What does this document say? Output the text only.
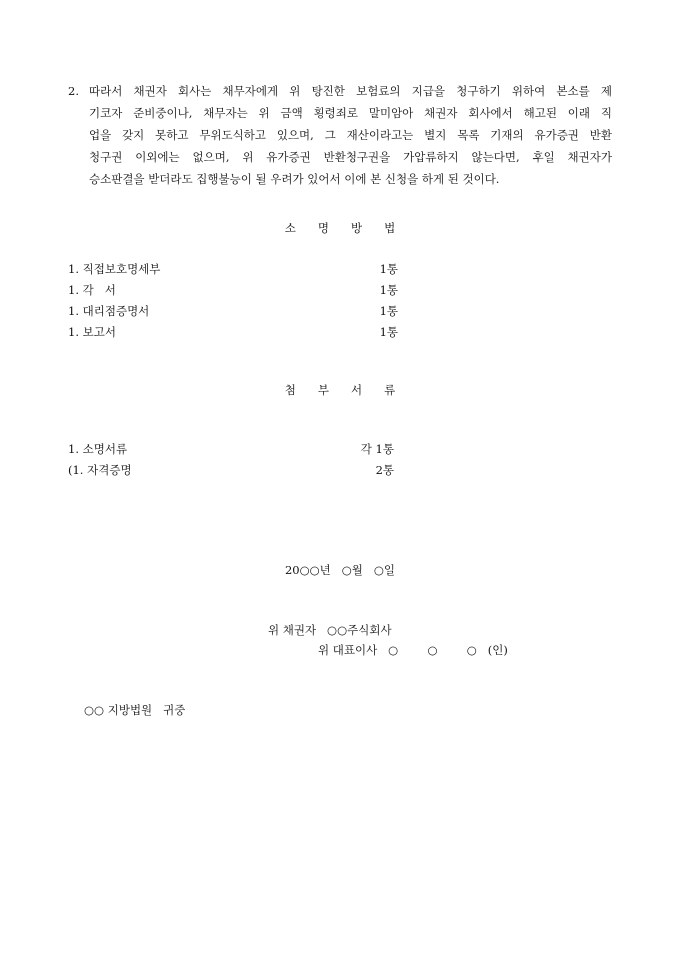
2. 따라서 채권자 회사는 채무자에게 위 탕진한 보험료의 지급을 청구하기 위하여 본소를 제
기코자 준비중이나, 채무자는 위 금액 횡령죄로 말미암아 채권자 회사에서 해고된 이래 직
업을 갖지 못하고 무위도식하고 있으며, 그 재산이라고는 별지 목록 기재의 유가증권 반환
청구권 이외에는 없으며, 위 유가증권 반환청구권을 가압류하지 않는다면, 후일 채권자가
승소판결을 받더라도 집행불능이 될 우려가 있어서 이에 본 신청을 하게 된 것이다.
소명방법
1. 직접보호명세부	1통
1. 각   서	1통
1. 대리점증명서	1통
1. 보고서	1통
첨부서류
1. 소명서류	각 1통
(1. 자격증명	2통
20○○년   ○월   ○일
위 채권자   ○○주식회사
위 대표이사   ○        ○        ○   (인)
○○ 지방법원   귀중
